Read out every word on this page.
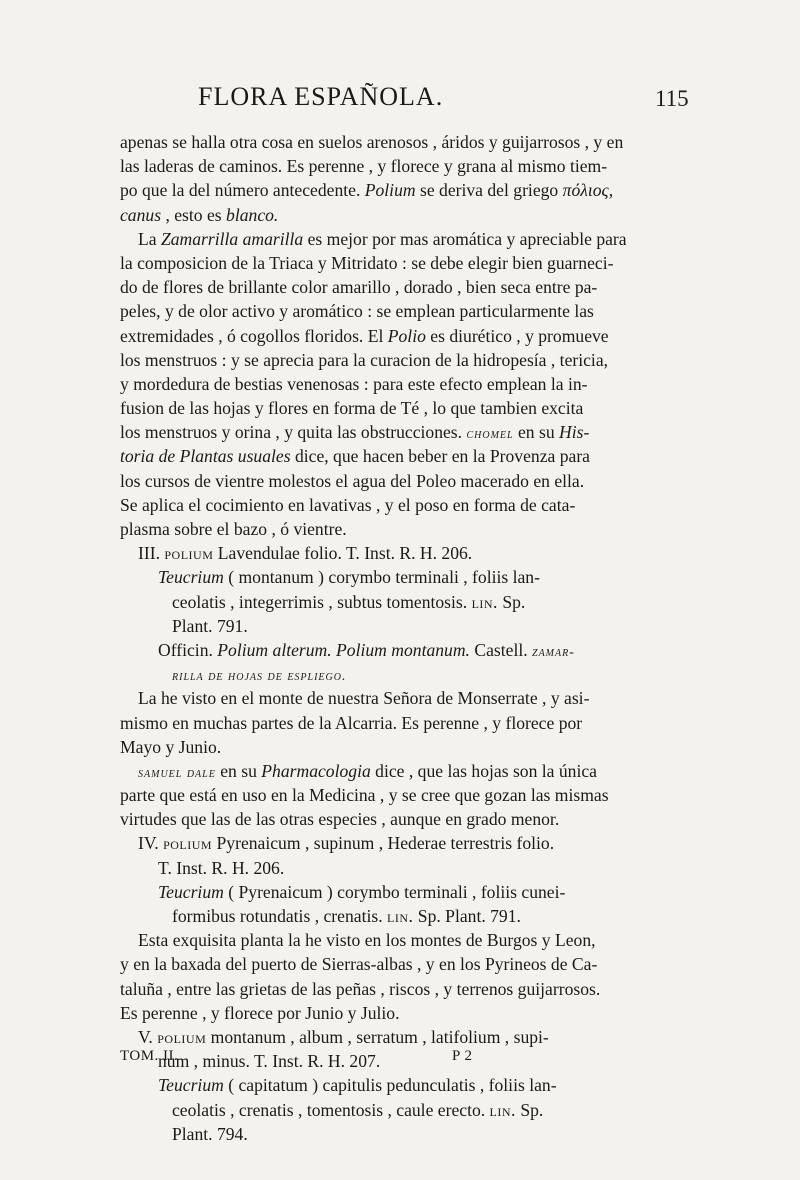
FLORA ESPAÑOLA.	115
apenas se halla otra cosa en suelos arenosos , áridos y guijarrosos , y en
las laderas de caminos. Es perenne , y florece y grana al mismo tiem-
po que la del número antecedente. Polium se deriva del griego πόλιος,
canus , esto es blanco.
La Zamarrilla amarilla es mejor por mas aromática y apreciable para
la composicion de la Triaca y Mitridato : se debe elegir bien guarneci-
do de flores de brillante color amarillo , dorado , bien seca entre pa-
peles, y de olor activo y aromático : se emplean particularmente las
extremidades , ó cogollos floridos. El Polio es diurético , y promueve
los menstruos : y se aprecia para la curacion de la hidropesía , tericia,
y mordedura de bestias venenosas : para este efecto emplean la in-
fusion de las hojas y flores en forma de Té , lo que tambien excita
los menstruos y orina , y quita las obstrucciones. chomel en su His-
toria de Plantas usuales dice, que hacen beber en la Provenza para
los cursos de vientre molestos el agua del Poleo macerado en ella.
Se aplica el cocimiento en lavativas , y el poso en forma de cata-
plasma sobre el bazo , ó vientre.
III. polium Lavendulae folio. T. Inst. R. H. 206.
Teucrium ( montanum ) corymbo terminali , foliis lan-
ceolatis , integerrimis , subtus tomentosis. lin. Sp.
Plant. 791.
Officin. Polium alterum. Polium montanum. Castell. zamar-
rilla de hojas de espliego.
La he visto en el monte de nuestra Señora de Monserrate , y asi-
mismo en muchas partes de la Alcarria. Es perenne , y florece por
Mayo y Junio.
samuel dale en su Pharmacologia dice , que las hojas son la única
parte que está en uso en la Medicina , y se cree que gozan las mismas
virtudes que las de las otras especies , aunque en grado menor.
IV. polium Pyrenaicum , supinum , Hederae terrestris folio.
T. Inst. R. H. 206.
Teucrium ( Pyrenaicum ) corymbo terminali , foliis cunei-
formibus rotundatis , crenatis. lin. Sp. Plant. 791.
Esta exquisita planta la he visto en los montes de Burgos y Leon,
y en la baxada del puerto de Sierras-albas , y en los Pyrineos de Ca-
taluña , entre las grietas de las peñas , riscos , y terrenos guijarrosos.
Es perenne , y florece por Junio y Julio.
V. polium montanum , album , serratum , latifolium , supi-
num , minus. T. Inst. R. H. 207.
Teucrium ( capitatum ) capitulis pedunculatis , foliis lan-
ceolatis , crenatis , tomentosis , caule erecto. lin. Sp.
Plant. 794.
TOM. II.	P 2
